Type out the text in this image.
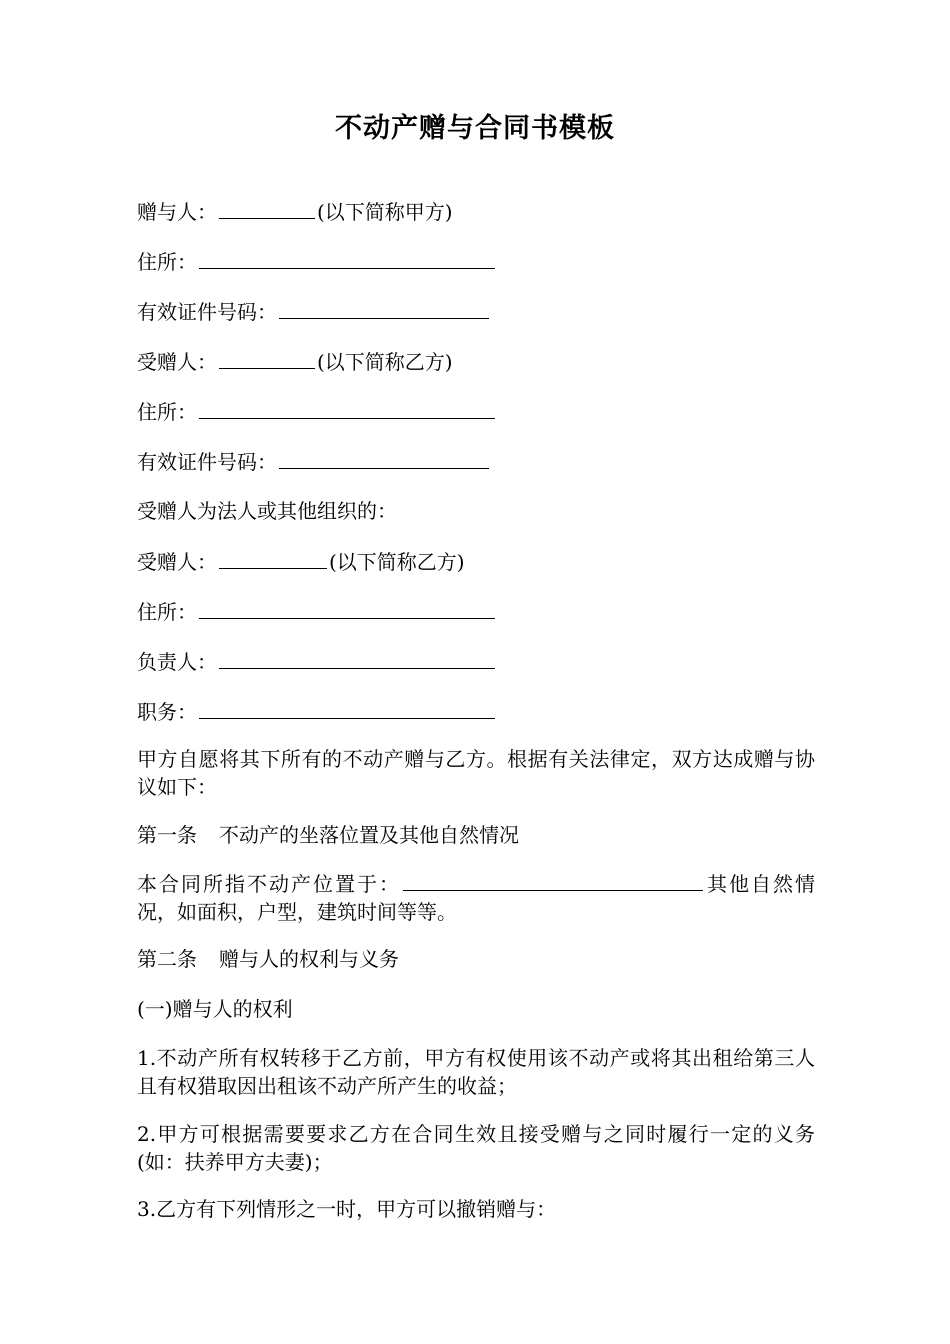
不动产赠与合同书模板
赠与人：	(以下简称甲方)
住所：
有效证件号码：
受赠人：	(以下简称乙方)
住所：
有效证件号码：
受赠人为法人或其他组织的：
受赠人：	(以下简称乙方)
住所：
负责人：
职务：
甲方自愿将其下所有的不动产赠与乙方。根据有关法律定，双方达成赠与协议如下：
第一条 不动产的坐落位置及其他自然情况
本合同所指不动产位置于：	其他自然情况，如面积，户型，建筑时间等等。
第二条 赠与人的权利与义务
(一)赠与人的权利
1.不动产所有权转移于乙方前，甲方有权使用该不动产或将其出租给第三人且有权猎取因出租该不动产所产生的收益；
2.甲方可根据需要要求乙方在合同生效且接受赠与之同时履行一定的义务(如：扶养甲方夫妻)；
3.乙方有下列情形之一时，甲方可以撤销赠与：
